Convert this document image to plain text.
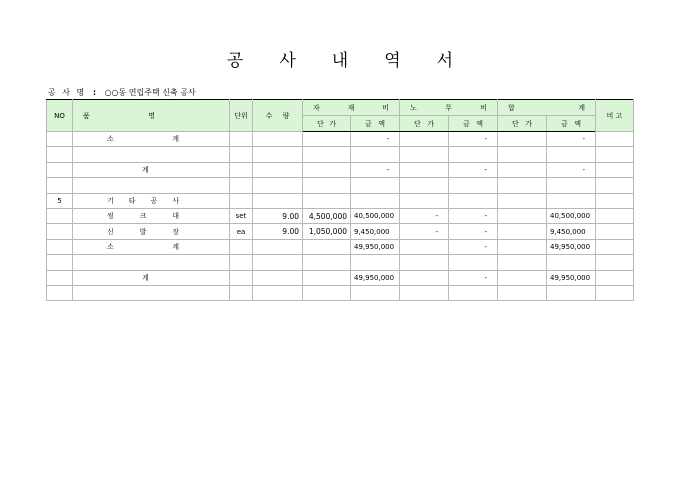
공 사 내 역 서
공 사 명 : ○○동 연립주택 신축 공사
NO	품 명	단위	수 량	자 재 비		노 무 비		합 계		비 고

				단 가	금 액	단 가	금 액	단 가	금 액	

	소 계				-		-		-	

	계				-		-		-	

5	기 타 공 사									

	씽 크 대	set	9.00	4,500,000	40,500,000	-	-		40,500,000	

	신 발 장	ea	9.00	1,050,000	9,450,000	-	-		9,450,000	

	소 계				49,950,000		-		49,950,000	

	계				49,950,000		-		49,950,000	
